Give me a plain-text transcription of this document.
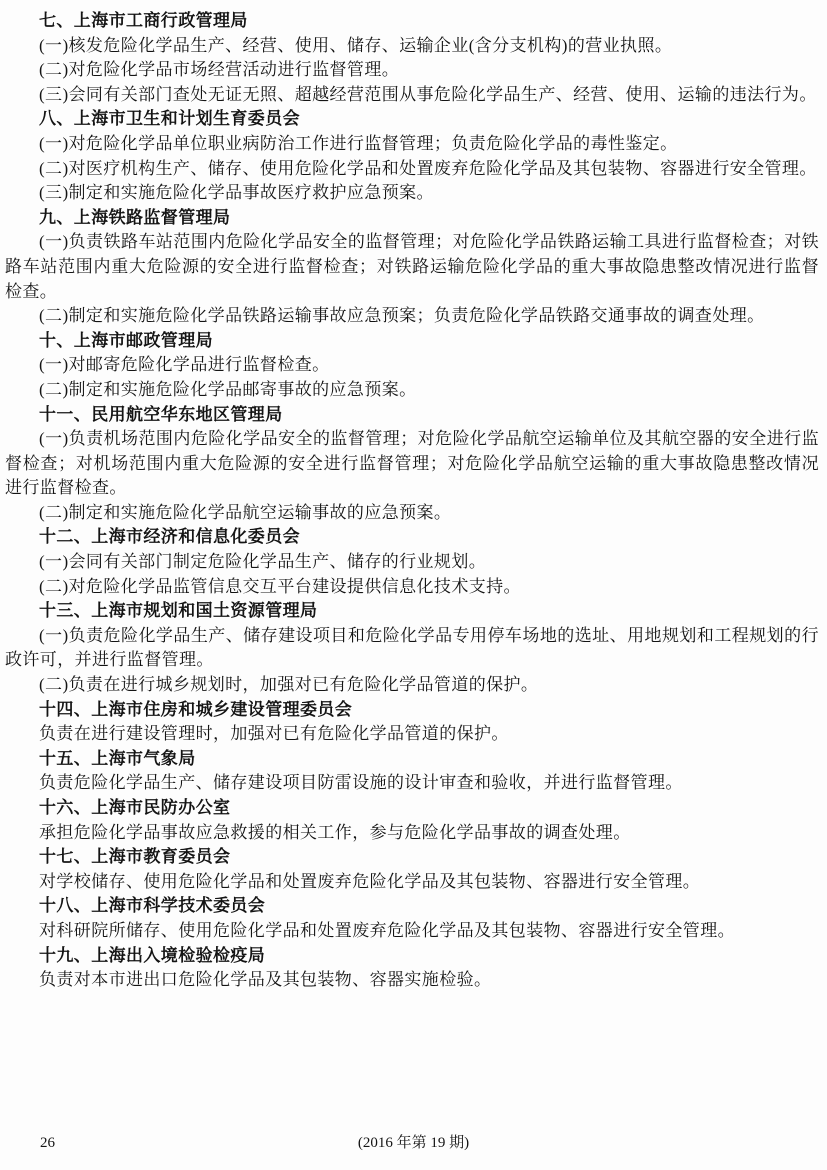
七、上海市工商行政管理局

(一)核发危险化学品生产、经营、使用、储存、运输企业(含分支机构)的营业执照。

(二)对危险化学品市场经营活动进行监督管理。

(三)会同有关部门查处无证无照、超越经营范围从事危险化学品生产、经营、使用、运输的违法行为。

八、上海市卫生和计划生育委员会

(一)对危险化学品单位职业病防治工作进行监督管理；负责危险化学品的毒性鉴定。

(二)对医疗机构生产、储存、使用危险化学品和处置废弃危险化学品及其包装物、容器进行安全管理。

(三)制定和实施危险化学品事故医疗救护应急预案。

九、上海铁路监督管理局

(一)负责铁路车站范围内危险化学品安全的监督管理；对危险化学品铁路运输工具进行监督检查；对铁路车站范围内重大危险源的安全进行监督检查；对铁路运输危险化学品的重大事故隐患整改情况进行监督检查。

(二)制定和实施危险化学品铁路运输事故应急预案；负责危险化学品铁路交通事故的调查处理。

十、上海市邮政管理局

(一)对邮寄危险化学品进行监督检查。

(二)制定和实施危险化学品邮寄事故的应急预案。

十一、民用航空华东地区管理局

(一)负责机场范围内危险化学品安全的监督管理；对危险化学品航空运输单位及其航空器的安全进行监督检查；对机场范围内重大危险源的安全进行监督管理；对危险化学品航空运输的重大事故隐患整改情况进行监督检查。

(二)制定和实施危险化学品航空运输事故的应急预案。

十二、上海市经济和信息化委员会

(一)会同有关部门制定危险化学品生产、储存的行业规划。

(二)对危险化学品监管信息交互平台建设提供信息化技术支持。

十三、上海市规划和国土资源管理局

(一)负责危险化学品生产、储存建设项目和危险化学品专用停车场地的选址、用地规划和工程规划的行政许可，并进行监督管理。

(二)负责在进行城乡规划时，加强对已有危险化学品管道的保护。

十四、上海市住房和城乡建设管理委员会

负责在进行建设管理时，加强对已有危险化学品管道的保护。

十五、上海市气象局

负责危险化学品生产、储存建设项目防雷设施的设计审查和验收，并进行监督管理。

十六、上海市民防办公室

承担危险化学品事故应急救援的相关工作，参与危险化学品事故的调查处理。

十七、上海市教育委员会

对学校储存、使用危险化学品和处置废弃危险化学品及其包装物、容器进行安全管理。

十八、上海市科学技术委员会

对科研院所储存、使用危险化学品和处置废弃危险化学品及其包装物、容器进行安全管理。

十九、上海出入境检验检疫局

负责对本市进出口危险化学品及其包装物、容器实施检验。

26	(2016 年第 19 期)
